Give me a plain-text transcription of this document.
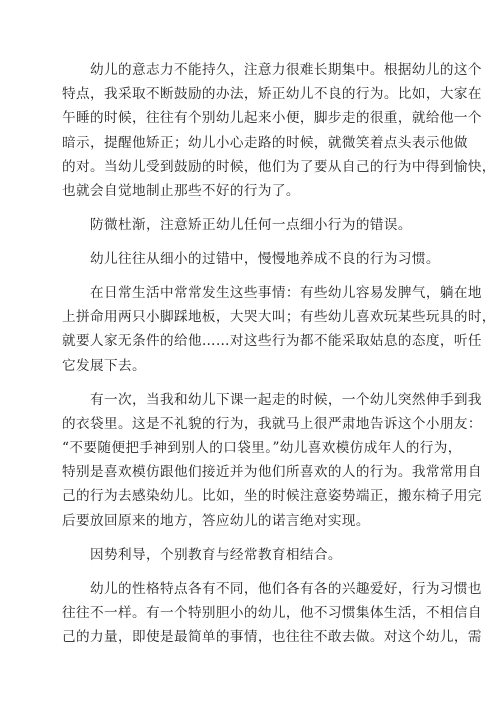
幼儿的意志力不能持久，注意力很难长期集中。根据幼儿的这个
特点，我采取不断鼓励的办法，矫正幼儿不良的行为。比如，大家在
午睡的时候，往往有个别幼儿起来小便，脚步走的很重，就给他一个
暗示，提醒他矫正；幼儿小心走路的时候，就微笑着点头表示他做
的对。当幼儿受到鼓励的时候，他们为了要从自己的行为中得到愉快，
也就会自觉地制止那些不好的行为了。

防微杜渐，注意矫正幼儿任何一点细小行为的错误。

幼儿往往从细小的过错中，慢慢地养成不良的行为习惯。

在日常生活中常常发生这些事情：有些幼儿容易发脾气，躺在地
上拼命用两只小脚踩地板，大哭大叫；有些幼儿喜欢玩某些玩具的时，
就要人家无条件的给他……对这些行为都不能采取姑息的态度，听任
它发展下去。

有一次，当我和幼儿下课一起走的时候，一个幼儿突然伸手到我
的衣袋里。这是不礼貌的行为，我就马上很严肃地告诉这个小朋友：
“不要随便把手神到别人的口袋里。”幼儿喜欢模仿成年人的行为，
特别是喜欢模仿跟他们接近并为他们所喜欢的人的行为。我常常用自
己的行为去感染幼儿。比如，坐的时候注意姿势端正，搬东椅子用完
后要放回原来的地方，答应幼儿的诺言绝对实现。

因势利导，个别教育与经常教育相结合。

幼儿的性格特点各有不同，他们各有各的兴趣爱好，行为习惯也
往往不一样。有一个特别胆小的幼儿，他不习惯集体生活，不相信自
己的力量，即使是最简单的事情，也往往不敢去做。对这个幼儿，需
